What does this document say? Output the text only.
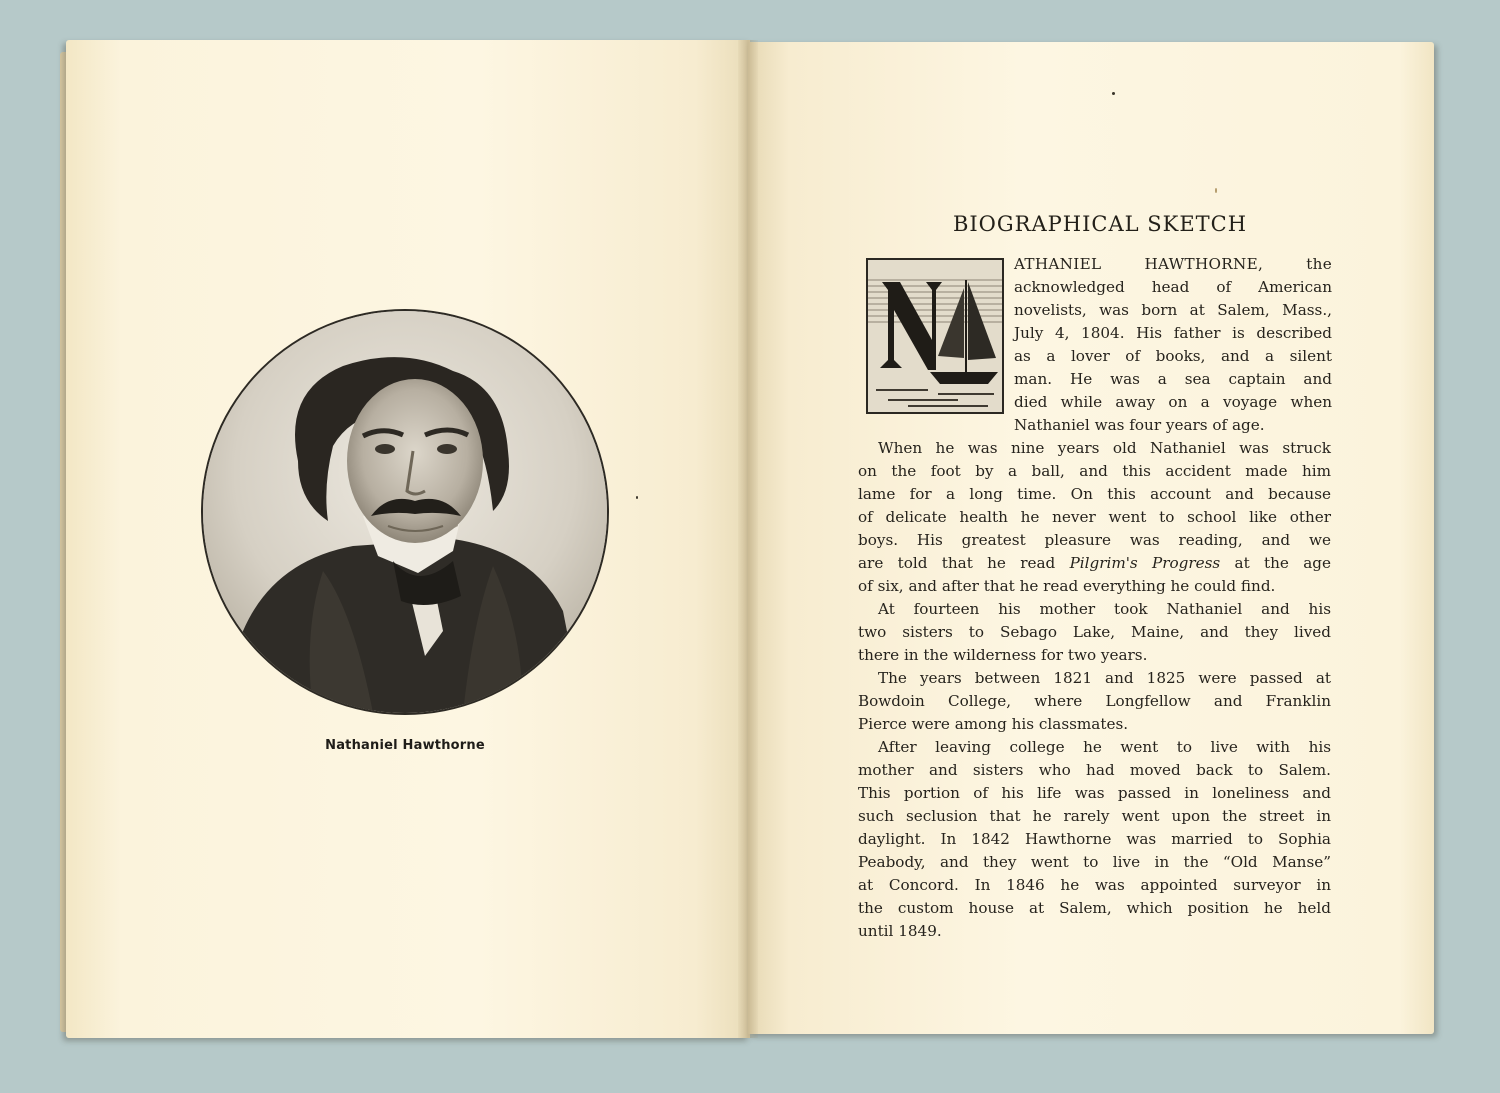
Nathaniel Hawthorne
BIOGRAPHICAL SKETCH
ATHANIEL HAWTHORNE, the
acknowledged head of American
novelists, was born at Salem, Mass.,
July 4, 1804. His father is described
as a lover of books, and a silent
man. He was a sea captain and
died while away on a voyage when
Nathaniel was four years of age.
When he was nine years old Nathaniel was struck
on the foot by a ball, and this accident made him
lame for a long time. On this account and because
of delicate health he never went to school like other
boys. His greatest pleasure was reading, and we
are told that he read Pilgrim's Progress at the age
of six, and after that he read everything he could find.
At fourteen his mother took Nathaniel and his
two sisters to Sebago Lake, Maine, and they lived
there in the wilderness for two years.
The years between 1821 and 1825 were passed at
Bowdoin College, where Longfellow and Franklin
Pierce were among his classmates.
After leaving college he went to live with his
mother and sisters who had moved back to Salem.
This portion of his life was passed in loneliness and
such seclusion that he rarely went upon the street in
daylight. In 1842 Hawthorne was married to Sophia
Peabody, and they went to live in the “Old Manse”
at Concord. In 1846 he was appointed surveyor in
the custom house at Salem, which position he held
until 1849.
